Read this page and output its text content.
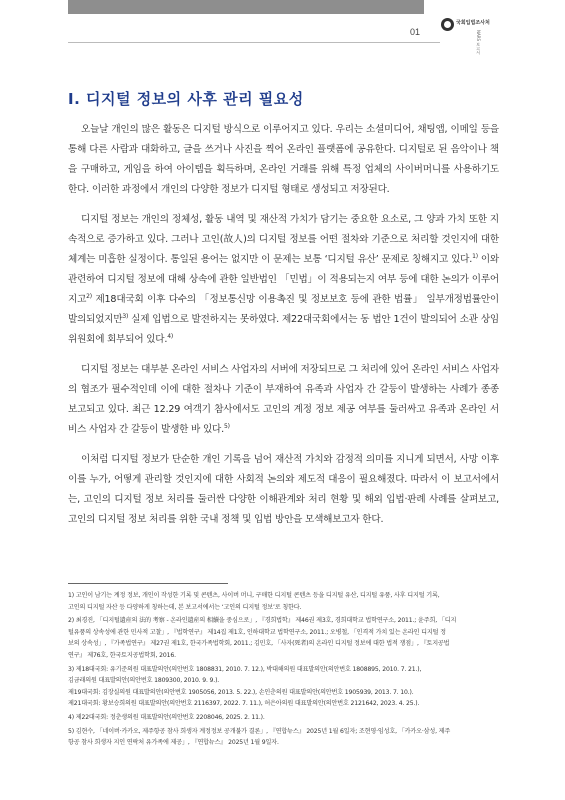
01
국회입법조사처
NARS 보고서
Ⅰ. 디지털 정보의 사후 관리 필요성

오늘날 개인의 많은 활동은 디지털 방식으로 이루어지고 있다. 우리는 소셜미디어, 채팅앱, 이메일 등을 통해 다른 사람과 대화하고, 글을 쓰거나 사진을 찍어 온라인 플랫폼에 공유한다. 디지털로 된 음악이나 책을 구매하고, 게임을 하여 아이템을 획득하며, 온라인 거래를 위해 특정 업체의 사이버머니를 사용하기도 한다. 이러한 과정에서 개인의 다양한 정보가 디지털 형태로 생성되고 저장된다.

디지털 정보는 개인의 정체성, 활동 내역 및 재산적 가치가 담기는 중요한 요소로, 그 양과 가치 또한 지속적으로 증가하고 있다. 그러나 고인(故人)의 디지털 정보를 어떤 절차와 기준으로 처리할 것인지에 대한 체계는 미흡한 실정이다. 통일된 용어는 없지만 이 문제는 보통 ‘디지털 유산’ 문제로 칭해지고 있다.$^{1)}$ 이와 관련하여 디지털 정보에 대해 상속에 관한 일반법인 「민법」이 적용되는지 여부 등에 대한 논의가 이루어지고$^{2)}$ 제18대국회 이후 다수의 「정보통신망 이용촉진 및 정보보호 등에 관한 법률」 일부개정법률안이 발의되었지만$^{3)}$ 실제 입법으로 발전하지는 못하였다. 제22대국회에서는 동 법안 1건이 발의되어 소관 상임위원회에 회부되어 있다.$^{4)}$

디지털 정보는 대부분 온라인 서비스 사업자의 서버에 저장되므로 그 처리에 있어 온라인 서비스 사업자의 협조가 필수적인데 이에 대한 절차나 기준이 부재하여 유족과 사업자 간 갈등이 발생하는 사례가 종종 보고되고 있다. 최근 12.29 여객기 참사에서도 고인의 계정 정보 제공 여부를 둘러싸고 유족과 온라인 서비스 사업자 간 갈등이 발생한 바 있다.$^{5)}$

이처럼 디지털 정보가 단순한 개인 기록을 넘어 재산적 가치와 감정적 의미를 지니게 되면서, 사망 이후 이를 누가, 어떻게 관리할 것인지에 대한 사회적 논의와 제도적 대응이 필요해졌다. 따라서 이 보고서에서는, 고인의 디지털 정보 처리를 둘러싼 다양한 이해관계와 처리 현황 및 해외 입법·판례 사례를 살펴보고, 고인의 디지털 정보 처리를 위한 국내 정책 및 입법 방안을 모색해보고자 한다.

1) 고인이 남기는 계정 정보, 개인이 작성한 기록 및 콘텐츠, 사이버 머니, 구매한 디지털 콘텐츠 등을 디지털 유산, 디지털 유품, 사후 디지털 기록,
고인의 디지털 자산 등 다양하게 칭하는데, 본 보고서에서는 ‘고인의 디지털 정보’로 칭한다.
2) 최경진, 「디지털遺産의 法的 考察 - 온라인遺産의 相續을 중심으로」, 『경희법학』 제46권 제3호, 경희대학교 법학연구소, 2011.; 윤주희, 「디지
털유품의 상속성에 관한 민사적 고찰」, 『법학연구』 제14집 제1호, 인하대학교 법학연구소, 2011.; 오병철, 「인격적 가치 있는 온라인 디지털 정
보의 상속성」, 『가족법연구』 제27권 제1호, 한국가족법학회, 2011.; 김민호, 「사자(死者)의 온라인 디지털 정보에 대한 법적 쟁점」, 『토지공법
연구』 제76호, 한국토지공법학회, 2016.
3) 제18대국회: 유기준의원 대표발의안(의안번호 1808831, 2010. 7. 12.), 박대해의원 대표발의안(의안번호 1808895, 2010. 7. 21.),
김금래의원 대표발의안(의안번호 1809300, 2010. 9. 9.).
제19대국회: 김장실의원 대표발의안(의안번호 1905056, 2013. 5. 22.), 손인춘의원 대표발의안(의안번호 1905939, 2013. 7. 10.).
제21대국회: 황보승희의원 대표발의안(의안번호 2116397, 2022. 7. 11.), 허은아의원 대표발의안(의안번호 2121642, 2023. 4. 25.).
4) 제22대국회: 정춘생의원 대표발의안(의안번호 2208046, 2025. 2. 11.).
5) 김현수, 「네이버·카카오, 제주항공 참사 희생자 계정정보 공개불가 결론」, 『연합뉴스』 2025년 1월 6일자; 조현영·임성호, 「카카오·삼성, 제주
항공 참사 희생자 지인 연락처 유가족에 제공」, 『연합뉴스』 2025년 1월 9일자.
